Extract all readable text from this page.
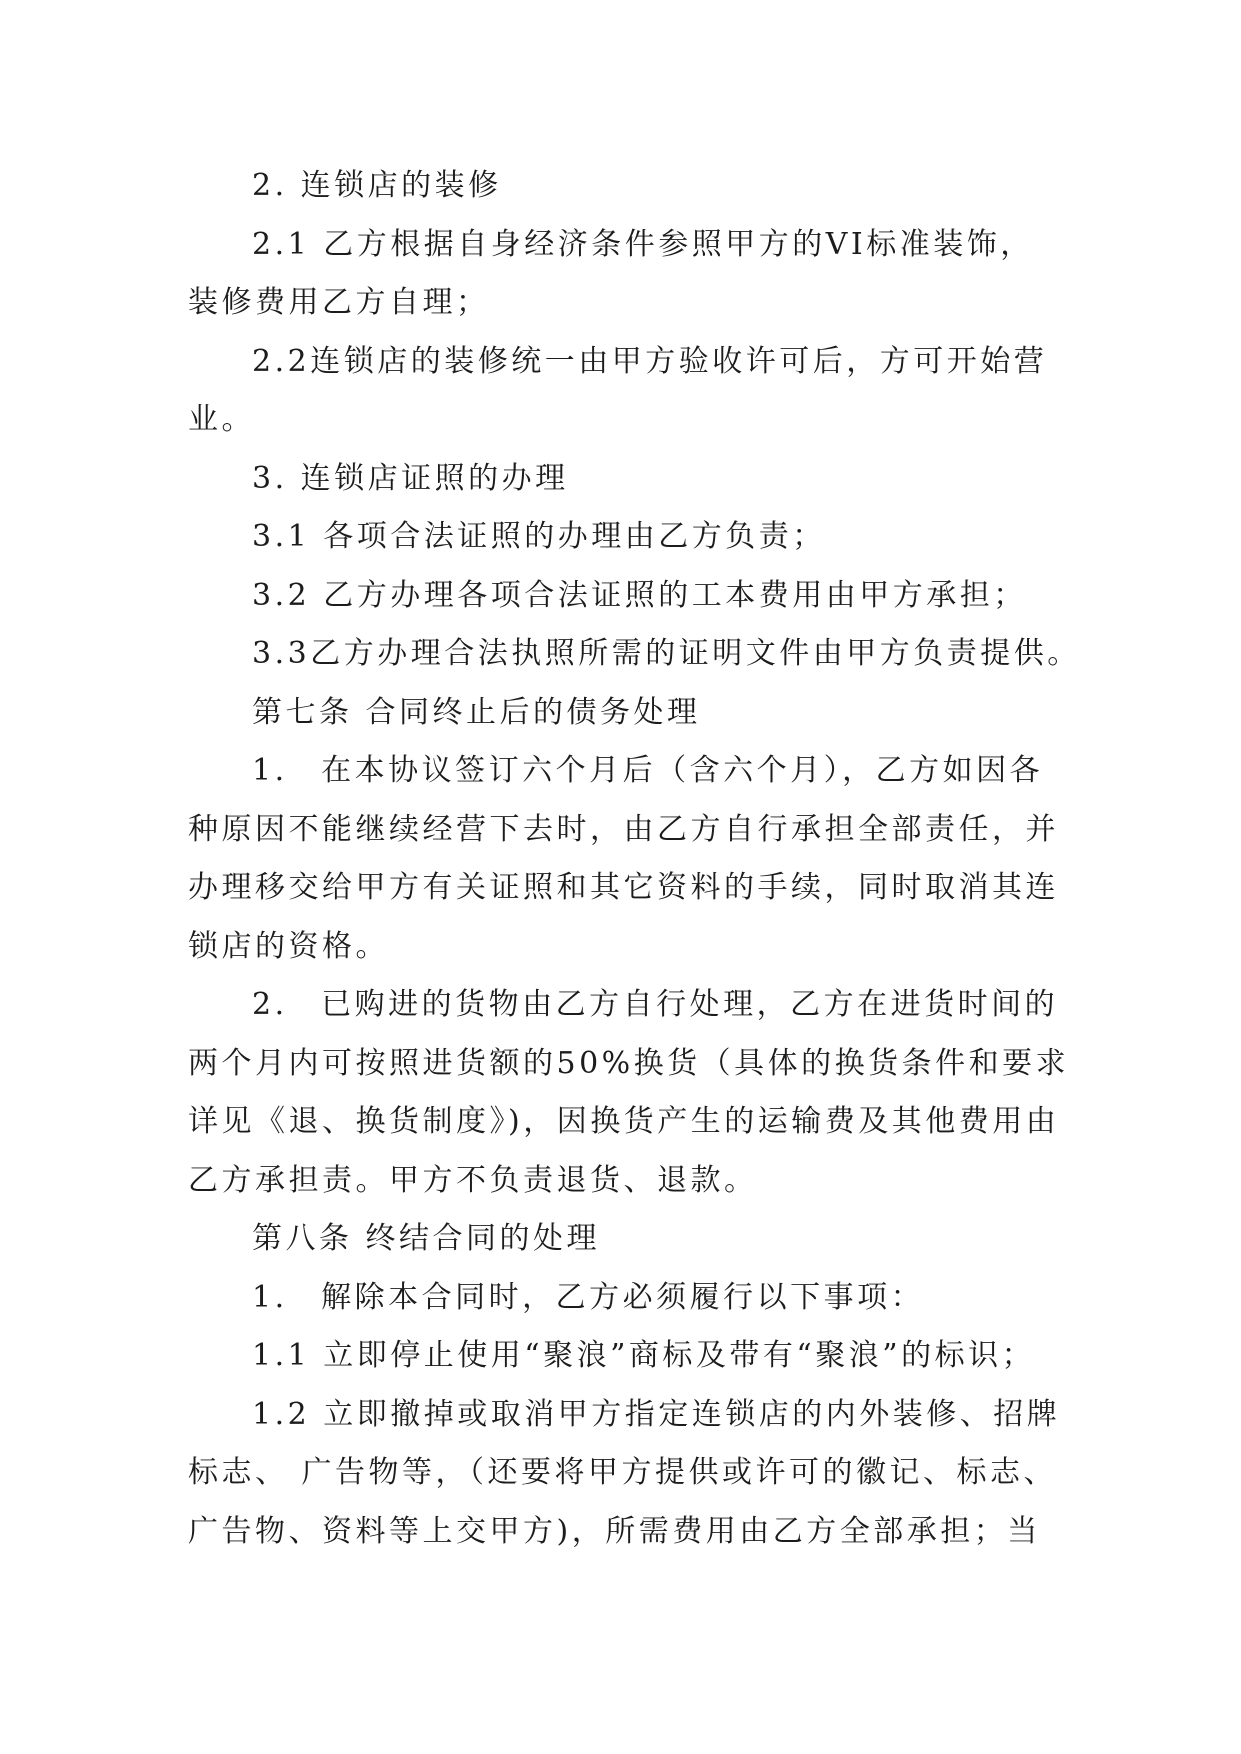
2. 连锁店的装修
2.1 乙方根据自身经济条件参照甲方的VI标准装饰，
装修费用乙方自理；
2.2连锁店的装修统一由甲方验收许可后，方可开始营
业。
3. 连锁店证照的办理
3.1 各项合法证照的办理由乙方负责；
3.2 乙方办理各项合法证照的工本费用由甲方承担；
3.3乙方办理合法执照所需的证明文件由甲方负责提供。
第七条 合同终止后的债务处理
1.　在本协议签订六个月后（含六个月），乙方如因各
种原因不能继续经营下去时，由乙方自行承担全部责任，并
办理移交给甲方有关证照和其它资料的手续，同时取消其连
锁店的资格。
2.　已购进的货物由乙方自行处理，乙方在进货时间的
两个月内可按照进货额的50%换货（具体的换货条件和要求
详见《退、换货制度》)，因换货产生的运输费及其他费用由
乙方承担责。甲方不负责退货、退款。
第八条 终结合同的处理
1.　解除本合同时，乙方必须履行以下事项：
1.1 立即停止使用“聚浪”商标及带有“聚浪”的标识；
1.2 立即撤掉或取消甲方指定连锁店的内外装修、招牌
标志、 广告物等，（还要将甲方提供或许可的徽记、标志、
广告物、资料等上交甲方)，所需费用由乙方全部承担；当
